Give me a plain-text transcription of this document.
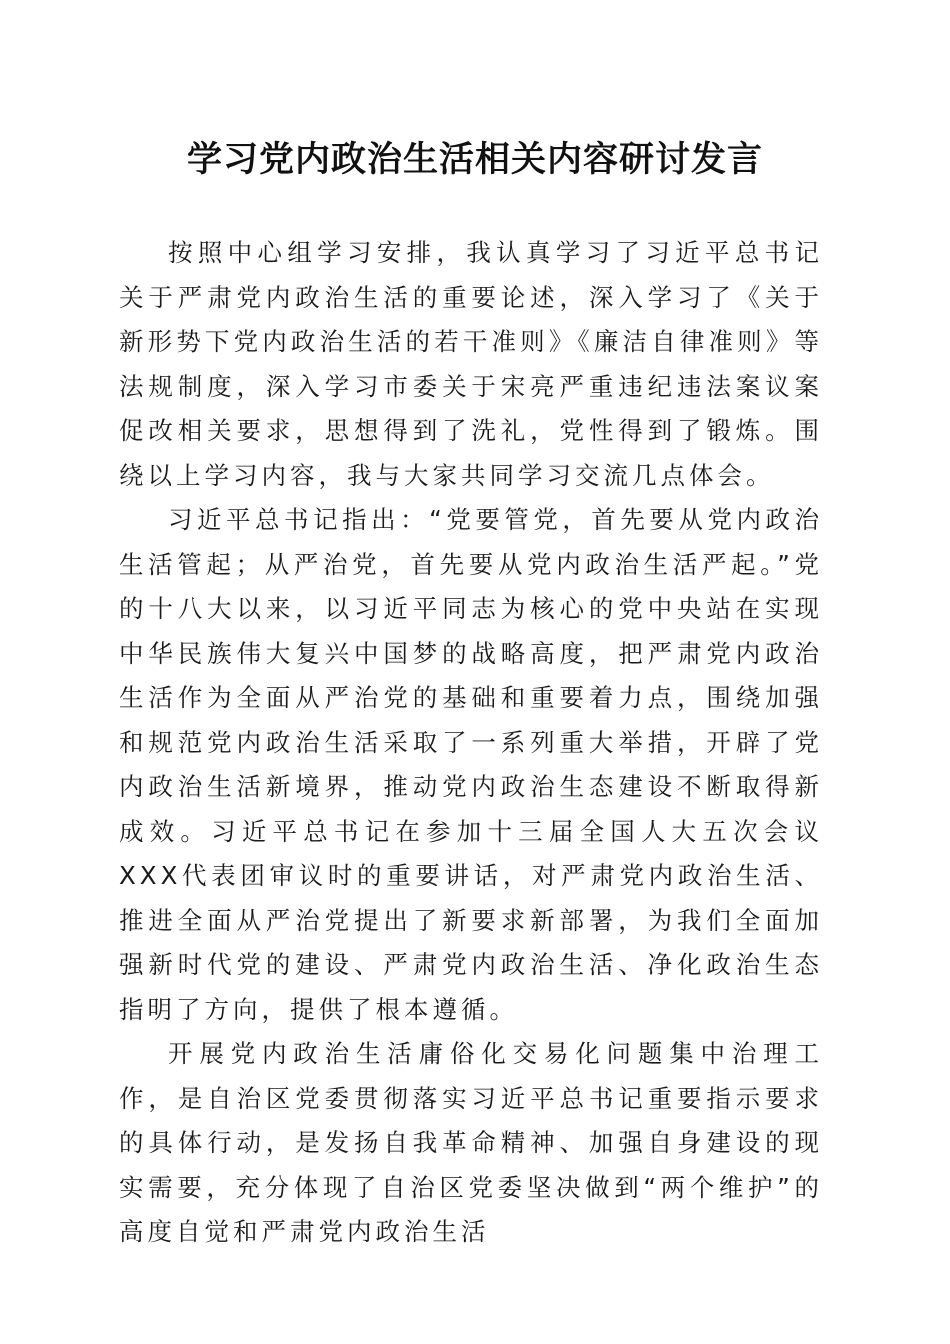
学习党内政治生活相关内容研讨发言

按照中心组学习安排，我认真学习了习近平总书记关于严肃党内政治生活的重要论述，深入学习了《关于新形势下党内政治生活的若干准则》《廉洁自律准则》等法规制度，深入学习市委关于宋亮严重违纪违法案议案促改相关要求，思想得到了洗礼，党性得到了锻炼。围绕以上学习内容，我与大家共同学习交流几点体会。

习近平总书记指出：“党要管党，首先要从党内政治生活管起；从严治党，首先要从党内政治生活严起。”党的十八大以来，以习近平同志为核心的党中央站在实现中华民族伟大复兴中国梦的战略高度，把严肃党内政治生活作为全面从严治党的基础和重要着力点，围绕加强和规范党内政治生活采取了一系列重大举措，开辟了党内政治生活新境界，推动党内政治生态建设不断取得新成效。习近平总书记在参加十三届全国人大五次会议XXX代表团审议时的重要讲话，对严肃党内政治生活、推进全面从严治党提出了新要求新部署，为我们全面加强新时代党的建设、严肃党内政治生活、净化政治生态指明了方向，提供了根本遵循。

开展党内政治生活庸俗化交易化问题集中治理工作，是自治区党委贯彻落实习近平总书记重要指示要求的具体行动，是发扬自我革命精神、加强自身建设的现实需要，充分体现了自治区党委坚决做到“两个维护”的高度自觉和严肃党内政治生活
